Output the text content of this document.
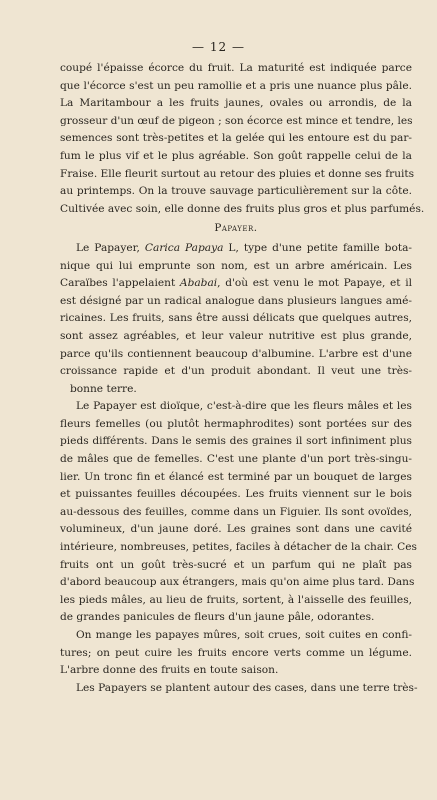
— 12 —
coupé l'épaisse écorce du fruit. La maturité est indiquée parce
que l'écorce s'est un peu ramollie et a pris une nuance plus pâle.
La Maritambour a les fruits jaunes, ovales ou arrondis, de la
grosseur d'un œuf de pigeon ; son écorce est mince et tendre, les
semences sont très-petites et la gelée qui les entoure est du par-
fum le plus vif et le plus agréable. Son goût rappelle celui de la
Fraise. Elle fleurit surtout au retour des pluies et donne ses fruits
au printemps. On la trouve sauvage particulièrement sur la côte.
Cultivée avec soin, elle donne des fruits plus gros et plus parfumés.
Papayer.
Le Papayer, Carica Papaya L, type d'une petite famille bota-
nique qui lui emprunte son nom, est un arbre américain. Les
Caraïbes l'appelaient Ababai, d'où est venu le mot Papaye, et il
est désigné par un radical analogue dans plusieurs langues amé-
ricaines. Les fruits, sans être aussi délicats que quelques autres,
sont assez agréables, et leur valeur nutritive est plus grande,
parce qu'ils contiennent beaucoup d'albumine. L'arbre est d'une
croissance rapide et d'un produit abondant. Il veut une très-
bonne terre.
Le Papayer est dioïque, c'est-à-dire que les fleurs mâles et les
fleurs femelles (ou plutôt hermaphrodites) sont portées sur des
pieds différents. Dans le semis des graines il sort infiniment plus
de mâles que de femelles. C'est une plante d'un port très-singu-
lier. Un tronc fin et élancé est terminé par un bouquet de larges
et puissantes feuilles découpées. Les fruits viennent sur le bois
au-dessous des feuilles, comme dans un Figuier. Ils sont ovoïdes,
volumineux, d'un jaune doré. Les graines sont dans une cavité
intérieure, nombreuses, petites, faciles à détacher de la chair. Ces
fruits ont un goût très-sucré et un parfum qui ne plaît pas
d'abord beaucoup aux étrangers, mais qu'on aime plus tard. Dans
les pieds mâles, au lieu de fruits, sortent, à l'aisselle des feuilles,
de grandes panicules de fleurs d'un jaune pâle, odorantes.
On mange les papayes mûres, soit crues, soit cuites en confi-
tures; on peut cuire les fruits encore verts comme un légume.
L'arbre donne des fruits en toute saison.
Les Papayers se plantent autour des cases, dans une terre très-
